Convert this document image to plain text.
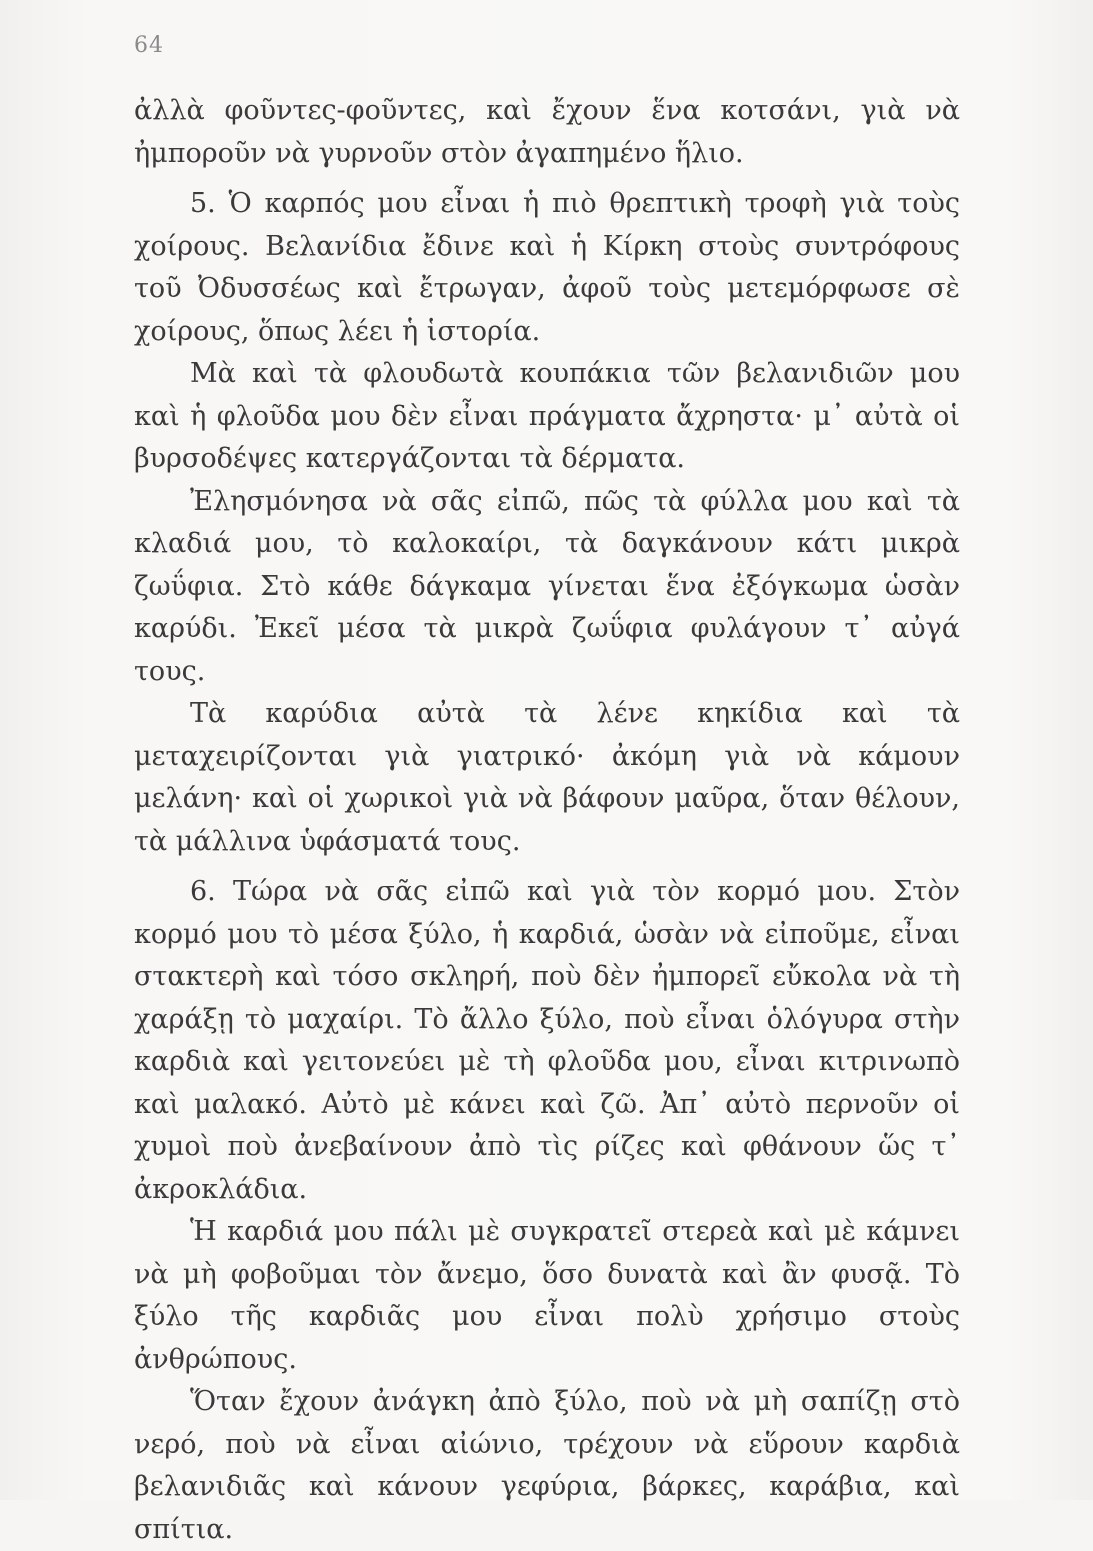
64

ἀλλὰ φοῦντες-φοῦντες, καὶ ἔχουν ἕνα κοτσάνι, γιὰ νὰ ἠμποροῦν νὰ γυρνοῦν στὸν ἀγαπημένο ἥλιο.

5. Ὁ καρπός μου εἶναι ἡ πιὸ θρεπτικὴ τροφὴ γιὰ τοὺς χοίρους. Βελανίδια ἔδινε καὶ ἡ Κίρκη στοὺς συντρόφους τοῦ Ὀδυσσέως καὶ ἔτρωγαν, ἀφοῦ τοὺς μετεμόρφωσε σὲ χοίρους, ὅπως λέει ἡ ἱστορία.

Μὰ καὶ τὰ φλουδωτὰ κουπάκια τῶν βελανιδιῶν μου καὶ ἡ φλοῦδα μου δὲν εἶναι πράγματα ἄχρηστα· μ᾽ αὐτὰ οἱ βυρσοδέψες κατεργάζονται τὰ δέρματα.

Ἐλησμόνησα νὰ σᾶς εἰπῶ, πῶς τὰ φύλλα μου καὶ τὰ κλαδιά μου, τὸ καλοκαίρι, τὰ δαγκάνουν κάτι μικρὰ ζωΰφια. Στὸ κάθε δάγκαμα γίνεται ἕνα ἐξόγκωμα ὡσὰν καρύδι. Ἐκεῖ μέσα τὰ μικρὰ ζωΰφια φυλάγουν τ᾽ αὐγά τους.

Τὰ καρύδια αὐτὰ τὰ λένε κηκίδια καὶ τὰ μεταχειρίζονται γιὰ γιατρικό· ἀκόμη γιὰ νὰ κάμουν μελάνη· καὶ οἱ χωρικοὶ γιὰ νὰ βάφουν μαῦρα, ὅταν θέλουν, τὰ μάλλινα ὑφάσματά τους.

6. Τώρα νὰ σᾶς εἰπῶ καὶ γιὰ τὸν κορμό μου. Στὸν κορμό μου τὸ μέσα ξύλο, ἡ καρδιά, ὡσὰν νὰ εἰποῦμε, εἶναι στακτερὴ καὶ τόσο σκληρή, ποὺ δὲν ἠμπορεῖ εὔκολα νὰ τὴ χαράξῃ τὸ μαχαίρι. Τὸ ἄλλο ξύλο, ποὺ εἶναι ὁλόγυρα στὴν καρδιὰ καὶ γειτονεύει μὲ τὴ φλοῦδα μου, εἶναι κιτρινωπὸ καὶ μαλακό. Αὐτὸ μὲ κάνει καὶ ζῶ. Ἀπ᾽ αὐτὸ περνοῦν οἱ χυμοὶ ποὺ ἀνεβαίνουν ἀπὸ τὶς ρίζες καὶ φθάνουν ὥς τ᾽ ἀκροκλάδια.

Ἡ καρδιά μου πάλι μὲ συγκρατεῖ στερεὰ καὶ μὲ κάμνει νὰ μὴ φοβοῦμαι τὸν ἄνεμο, ὅσο δυνατὰ καὶ ἂν φυσᾷ. Τὸ ξύλο τῆς καρδιᾶς μου εἶναι πολὺ χρήσιμο στοὺς ἀνθρώπους.

Ὅταν ἔχουν ἀνάγκη ἀπὸ ξύλο, ποὺ νὰ μὴ σαπίζῃ στὸ νερό, ποὺ νὰ εἶναι αἰώνιο, τρέχουν νὰ εὕρουν καρδιὰ βελανιδιᾶς καὶ κάνουν γεφύρια, βάρκες, καράβια, καὶ σπίτια.
